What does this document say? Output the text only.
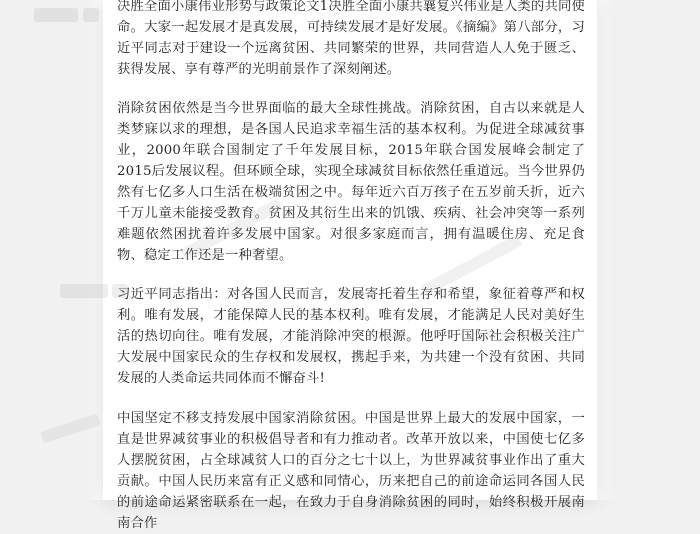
决胜全面小康伟业形势与政策论文1决胜全面小康共襄复兴伟业是人类的共同使命。大家一起发展才是真发展，可持续发展才是好发展。《摘编》第八部分，习近平同志对于建设一个远离贫困、共同繁荣的世界，共同营造人人免于匮乏、获得发展、享有尊严的光明前景作了深刻阐述。

消除贫困依然是当今世界面临的最大全球性挑战。消除贫困，自古以来就是人类梦寐以求的理想，是各国人民追求幸福生活的基本权利。为促进全球减贫事业，2000年联合国制定了千年发展目标，2015年联合国发展峰会制定了2015后发展议程。但环顾全球，实现全球减贫目标依然任重道远。当今世界仍然有七亿多人口生活在极端贫困之中。每年近六百万孩子在五岁前夭折，近六千万儿童未能接受教育。贫困及其衍生出来的饥饿、疾病、社会冲突等一系列难题依然困扰着许多发展中国家。对很多家庭而言，拥有温暖住房、充足食物、稳定工作还是一种奢望。

习近平同志指出：对各国人民而言，发展寄托着生存和希望，象征着尊严和权利。唯有发展，才能保障人民的基本权利。唯有发展，才能满足人民对美好生活的热切向往。唯有发展，才能消除冲突的根源。他呼吁国际社会积极关注广大发展中国家民众的生存权和发展权，携起手来，为共建一个没有贫困、共同发展的人类命运共同体而不懈奋斗!

中国坚定不移支持发展中国家消除贫困。中国是世界上最大的发展中国家，一直是世界减贫事业的积极倡导者和有力推动者。改革开放以来，中国使七亿多人摆脱贫困，占全球减贫人口的百分之七十以上，为世界减贫事业作出了重大贡献。中国人民历来富有正义感和同情心，历来把自己的前途命运同各国人民的前途命运紧密联系在一起，在致力于自身消除贫困的同时，始终积极开展南南合作
